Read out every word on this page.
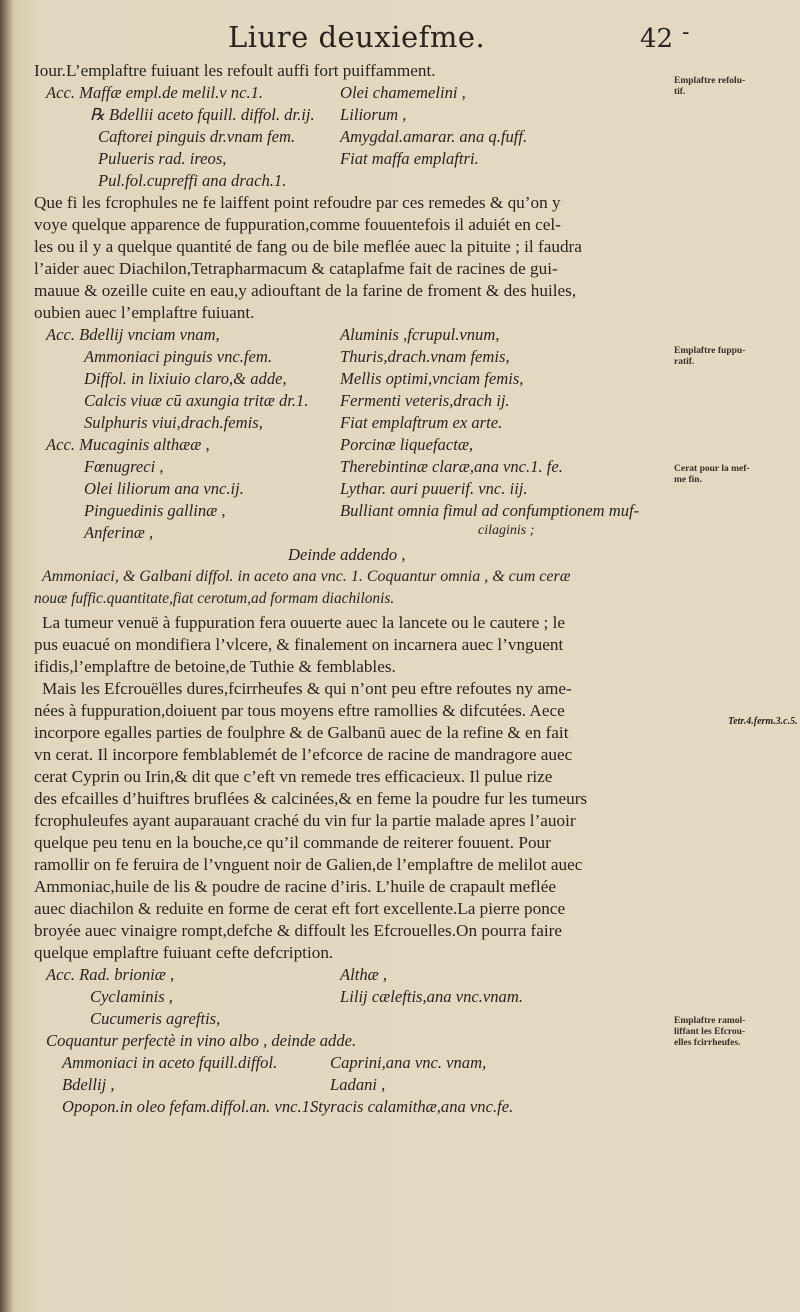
Liure deuxiefme.	42 -
Iour.L’emplaftre fuiuant les refoult auffi fort puiffamment.
Acc. Maffæ empl.de melil.v nc.1.
℞ Bdellii aceto fquill. diffol. dr.ij.
Caftorei pinguis dr.vnam fem.
Pulueris rad. ireos,
Pul.fol.cupreffi ana drach.1.
Olei chamemelini ,
Liliorum ,
Amygdal.amarar. ana q.fuff.
Fiat maffa emplaftri.
Que fi les fcrophules ne fe laiffent point refoudre par ces remedes & qu’on y
voye quelque apparence de fuppuration,comme fouuentefois il aduiét en cel-
les ou il y a quelque quantité de fang ou de bile meflée auec la pituite ; il faudra
l’aider auec Diachilon,Tetrapharmacum & cataplafme fait de racines de gui-
mauue & ozeille cuite en eau,y adiouftant de la farine de froment & des huiles,
oubien auec l’emplaftre fuiuant.
Acc. Bdellij vnciam vnam,
Ammoniaci pinguis vnc.fem.
Diffol. in lixiuio claro,& adde,
Calcis viuæ cū axungia tritæ dr.1.
Sulphuris viui,drach.femis,
Acc. Mucaginis althææ ,
Fœnugreci ,
Olei liliorum ana vnc.ij.
Pinguedinis gallinæ ,
Anferinæ ,
Aluminis ,fcrupul.vnum,
Thuris,drach.vnam femis,
Mellis optimi,vnciam femis,
Fermenti veteris,drach ij.
Fiat emplaftrum ex arte.
Porcinæ liquefactæ,
Therebintinæ claræ,ana vnc.1. fe.
Lythar. auri puuerif. vnc. iij.
Bulliant omnia fimul ad confumptionem muf-
cilaginis ;
Deinde addendo ,
Ammoniaci, & Galbani diffol. in aceto ana vnc. 1. Coquantur omnia , & cum ceræ
nouæ fuffic.quantitate,fiat cerotum,ad formam diachilonis.
La tumeur venuë à fuppuration fera ouuerte auec la lancete ou le cautere ; le
pus euacué on mondifiera l’vlcere, & finalement on incarnera auec l’vnguent
ifidis,l’emplaftre de betoine,de Tuthie & femblables.
Mais les Efcrouëlles dures,fcirrheufes & qui n’ont peu eftre refoutes ny ame-
nées à fuppuration,doiuent par tous moyens eftre ramollies & difcutées. Aece
incorpore egalles parties de foulphre & de Galbanū auec de la refine & en fait
vn cerat. Il incorpore femblablemét de l’efcorce de racine de mandragore auec
cerat Cyprin ou Irin,& dit que c’eft vn remede tres efficacieux. Il pulue rize
des efcailles d’huiftres bruflées & calcinées,& en feme la poudre fur les tumeurs
fcrophuleufes ayant auparauant craché du vin fur la partie malade apres l’auoir
quelque peu tenu en la bouche,ce qu’il commande de reiterer fouuent. Pour
ramollir on fe feruira de l’vnguent noir de Galien,de l’emplaftre de melilot auec
Ammoniac,huile de lis & poudre de racine d’iris. L’huile de crapault meflée
auec diachilon & reduite en forme de cerat eft fort excellente.La pierre ponce
broyée auec vinaigre rompt,defche & diffoult les Efcrouelles.On pourra faire
quelque emplaftre fuiuant cefte defcription.
Acc. Rad. brioniæ ,
Cyclaminis ,
Cucumeris agreftis,
Althæ ,
Lilij cæleftis,ana vnc.vnam.
Coquantur perfectè in vino albo , deinde adde.
Ammoniaci in aceto fquill.diffol.
Bdellij ,
Opopon.in oleo fefam.diffol.an. vnc.1.
Caprini,ana vnc. vnam,
Ladani ,
Styracis calamithæ,ana vnc.fe.
Emplaftre refolu-
tif.
Emplaftre fuppu-
ratif.
Cerat pour la mef-
me fin.
Tetr.4.ferm.3.c.5.
Emplaftre ramol-
liffant les Efcrou-
elles fcirrheufes.
